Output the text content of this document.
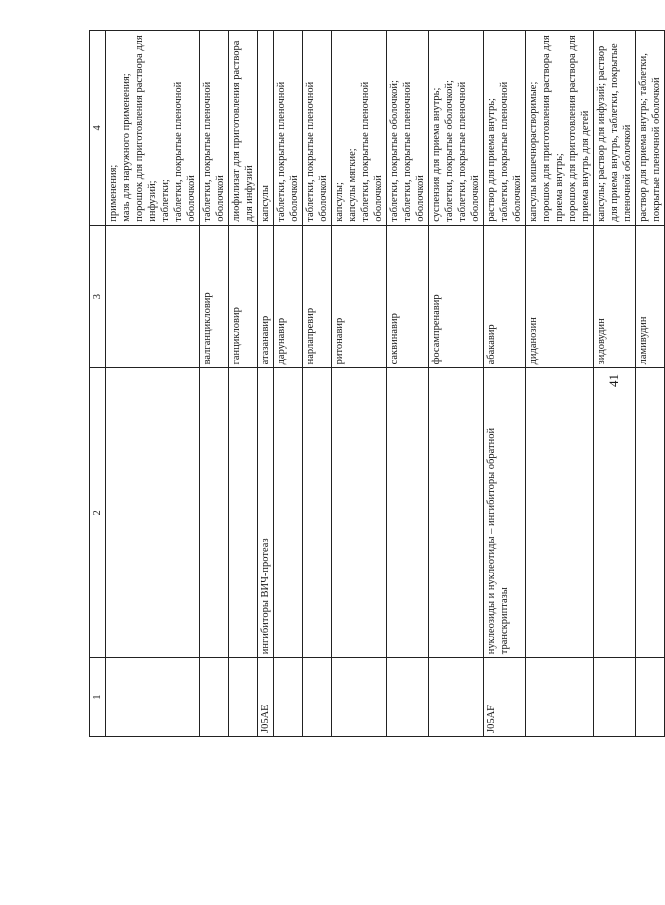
41
1	2	3	4
			применения;
мазь для наружного применения;
порошок для приготовления раствора для инфузий;
таблетки;
таблетки, покрытые пленочной оболочкой
		валганцикловир	таблетки, покрытые пленочной оболочкой
		ганцикловир	лиофилизат для приготовления раствора для инфузий
J05AE	ингибиторы ВИЧ-протеаз	атазанавир	капсулы
		дарунавир	таблетки, покрытые пленочной оболочкой
		нарлапревир	таблетки, покрытые пленочной оболочкой
		ритонавир	капсулы;
капсулы мягкие;
таблетки, покрытые пленочной оболочкой
		саквинавир	таблетки, покрытые оболочкой;
таблетки, покрытые пленочной оболочкой
		фосампренавир	суспензия для приема внутрь;
таблетки, покрытые оболочкой;
таблетки, покрытые пленочной оболочкой
J05AF	нуклеозиды и нуклеотиды – ингибиторы обратной транскриптазы	абакавир	раствор для приема внутрь;
таблетки, покрытые пленочной оболочкой
		диданозин	капсулы кишечнорастворимые;
порошок для приготовления раствора для приема внутрь;
порошок для приготовления раствора для приема внутрь для детей
		зидовудин	капсулы; раствор для инфузий; раствор для приема внутрь, таблетки, покрытые пленочной оболочкой
		ламивудин	раствор для приема внутрь; таблетки, покрытые пленочной оболочкой
